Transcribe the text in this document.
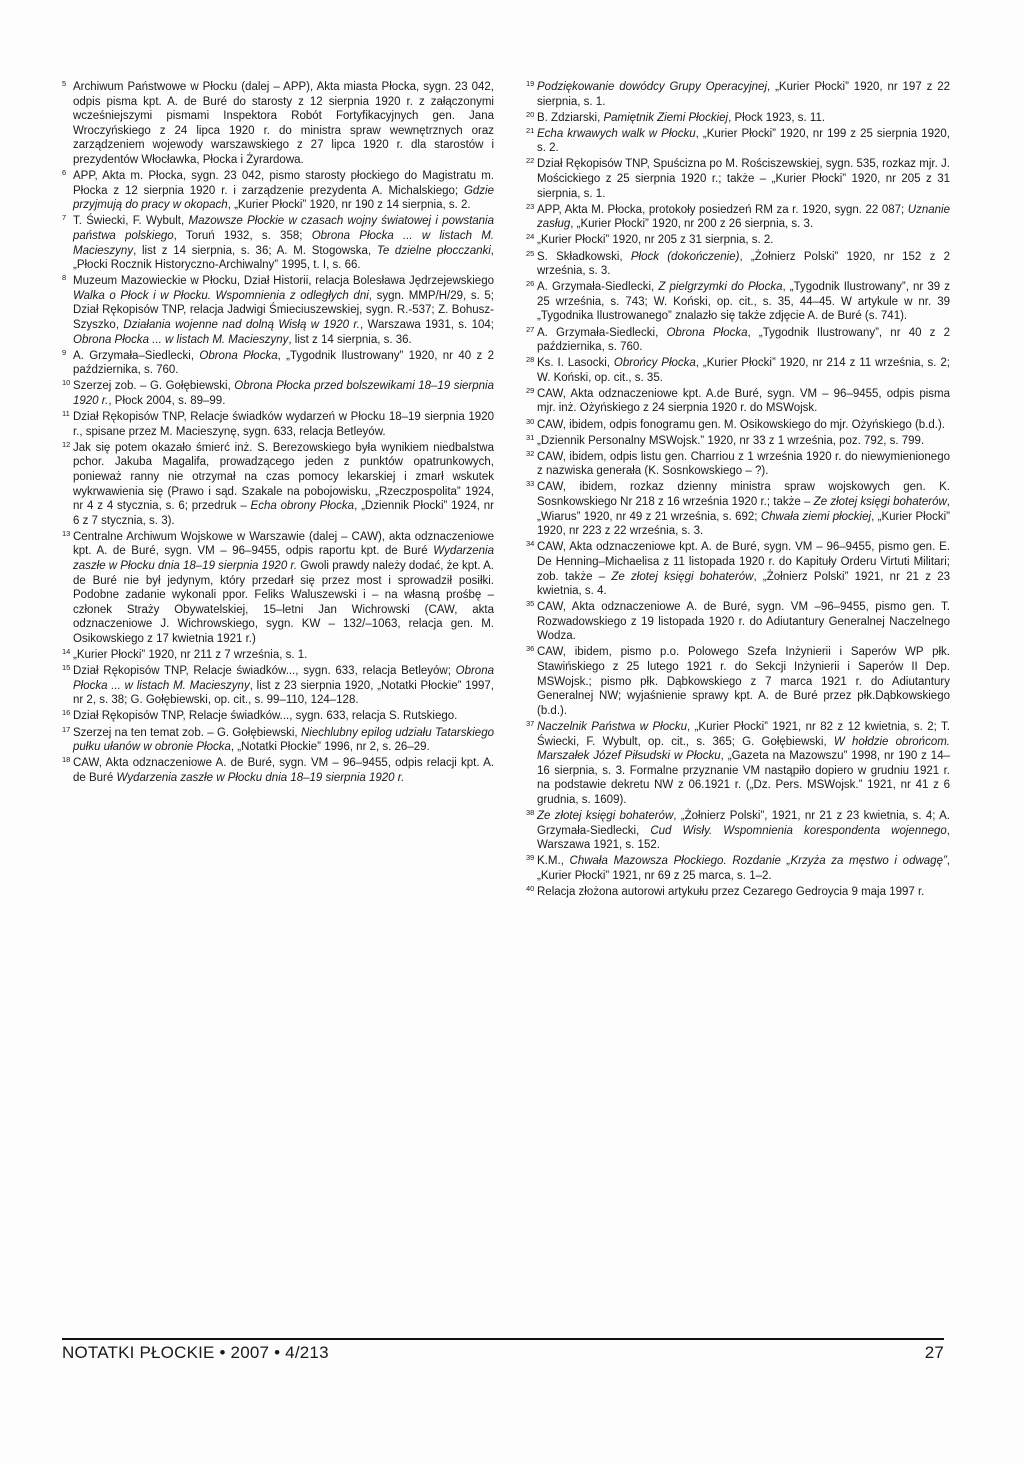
5 Archiwum Państwowe w Płocku (dalej – APP), Akta miasta Płocka, sygn. 23 042, odpis pisma kpt. A. de Buré do starosty z 12 sierpnia 1920 r. z załączonymi wcześniejszymi pismami Inspektora Robót Fortyfikacyjnych gen. Jana Wroczyńskiego z 24 lipca 1920 r. do ministra spraw wewnętrznych oraz zarządzeniem wojewody warszawskiego z 27 lipca 1920 r. dla starostów i prezydentów Włocławka, Płocka i Żyrardowa.

6 APP, Akta m. Płocka, sygn. 23 042, pismo starosty płockiego do Magistratu m. Płocka z 12 sierpnia 1920 r. i zarządzenie prezydenta A. Michalskiego; Gdzie przyjmują do pracy w okopach, „Kurier Płocki” 1920, nr 190 z 14 sierpnia, s. 2.

7 T. Świecki, F. Wybult, Mazowsze Płockie w czasach wojny światowej i powstania państwa polskiego, Toruń 1932, s. 358; Obrona Płocka ... w listach M. Macieszyny, list z 14 sierpnia, s. 36; A. M. Stogowska, Te dzielne płocczanki, „Płocki Rocznik Historyczno-Archiwalny” 1995, t. I, s. 66.

8 Muzeum Mazowieckie w Płocku, Dział Historii, relacja Bolesława Jędrzejewskiego Walka o Płock i w Płocku. Wspomnienia z odległych dni, sygn. MMP/H/29, s. 5; Dział Rękopisów TNP, relacja Jadwigi Śmieciuszewskiej, sygn. R.-537; Z. Bohusz-Szyszko, Działania wojenne nad dolną Wisłą w 1920 r., Warszawa 1931, s. 104; Obrona Płocka ... w listach M. Macieszyny, list z 14 sierpnia, s. 36.

9 A. Grzymała–Siedlecki, Obrona Płocka, „Tygodnik Ilustrowany” 1920, nr 40 z 2 października, s. 760.

10 Szerzej zob. – G. Gołębiewski, Obrona Płocka przed bolszewikami 18–19 sierpnia 1920 r., Płock 2004, s. 89–99.

11 Dział Rękopisów TNP, Relacje świadków wydarzeń w Płocku 18–19 sierpnia 1920 r., spisane przez M. Macieszynę, sygn. 633, relacja Betleyów.

12 Jak się potem okazało śmierć inż. S. Berezowskiego była wynikiem niedbalstwa pchor. Jakuba Magalifa, prowadzącego jeden z punktów opatrunkowych, ponieważ ranny nie otrzymał na czas pomocy lekarskiej i zmarł wskutek wykrwawienia się (Prawo i sąd. Szakale na pobojowisku, „Rzeczpospolita” 1924, nr 4 z 4 stycznia, s. 6; przedruk – Echa obrony Płocka, „Dziennik Płocki” 1924, nr 6 z 7 stycznia, s. 3).

13 Centralne Archiwum Wojskowe w Warszawie (dalej – CAW), akta odznaczeniowe kpt. A. de Buré, sygn. VM – 96–9455, odpis raportu kpt. de Buré Wydarzenia zaszłe w Płocku dnia 18–19 sierpnia 1920 r. Gwoli prawdy należy dodać, że kpt. A. de Buré nie był jedynym, który przedarł się przez most i sprowadził posiłki. Podobne zadanie wykonali ppor. Feliks Waluszewski i – na własną prośbę – członek Straży Obywatelskiej, 15–letni Jan Wichrowski (CAW, akta odznaczeniowe J. Wichrowskiego, sygn. KW – 132/–1063, relacja gen. M. Osikowskiego z 17 kwietnia 1921 r.)

14 „Kurier Płocki” 1920, nr 211 z 7 września, s. 1.

15 Dział Rękopisów TNP, Relacje świadków..., sygn. 633, relacja Betleyów; Obrona Płocka ... w listach M. Macieszyny, list z 23 sierpnia 1920, „Notatki Płockie” 1997, nr 2, s. 38; G. Gołębiewski, op. cit., s. 99–110, 124–128.

16 Dział Rękopisów TNP, Relacje świadków..., sygn. 633, relacja S. Rutskiego.

17 Szerzej na ten temat zob. – G. Gołębiewski, Niechlubny epilog udziału Tatarskiego pułku ułanów w obronie Płocka, „Notatki Płockie” 1996, nr 2, s. 26–29.

18 CAW, Akta odznaczeniowe A. de Buré, sygn. VM – 96–9455, odpis relacji kpt. A. de Buré Wydarzenia zaszłe w Płocku dnia 18–19 sierpnia 1920 r.

19 Podziękowanie dowódcy Grupy Operacyjnej, „Kurier Płocki” 1920, nr 197 z 22 sierpnia, s. 1.

20 B. Zdziarski, Pamiętnik Ziemi Płockiej, Płock 1923, s. 11.

21 Echa krwawych walk w Płocku, „Kurier Płocki” 1920, nr 199 z 25 sierpnia 1920, s. 2.

22 Dział Rękopisów TNP, Spuścizna po M. Rościszewskiej, sygn. 535, rozkaz mjr. J. Mościckiego z 25 sierpnia 1920 r.; także – „Kurier Płocki” 1920, nr 205 z 31 sierpnia, s. 1.

23 APP, Akta M. Płocka, protokoły posiedzeń RM za r. 1920, sygn. 22 087; Uznanie zasług, „Kurier Płocki” 1920, nr 200 z 26 sierpnia, s. 3.

24 „Kurier Płocki” 1920, nr 205 z 31 sierpnia, s. 2.

25 S. Składkowski, Płock (dokończenie), „Żołnierz Polski” 1920, nr 152 z 2 września, s. 3.

26 A. Grzymała-Siedlecki, Z pielgrzymki do Płocka, „Tygodnik Ilustrowany”, nr 39 z 25 września, s. 743; W. Koński, op. cit., s. 35, 44–45. W artykule w nr. 39 „Tygodnika Ilustrowanego” znalazło się także zdjęcie A. de Buré (s. 741).

27 A. Grzymała-Siedlecki, Obrona Płocka, „Tygodnik Ilustrowany”, nr 40 z 2 października, s. 760.

28 Ks. I. Lasocki, Obrońcy Płocka, „Kurier Płocki” 1920, nr 214 z 11 września, s. 2; W. Koński, op. cit., s. 35.

29 CAW, Akta odznaczeniowe kpt. A.de Buré, sygn. VM – 96–9455, odpis pisma mjr. inż. Ożyńskiego z 24 sierpnia 1920 r. do MSWojsk.

30 CAW, ibidem, odpis fonogramu gen. M. Osikowskiego do mjr. Ożyńskiego (b.d.).

31 „Dziennik Personalny MSWojsk.” 1920, nr 33 z 1 września, poz. 792, s. 799.

32 CAW, ibidem, odpis listu gen. Charriou z 1 września 1920 r. do niewymienionego z nazwiska generała (K. Sosnkowskiego – ?).

33 CAW, ibidem, rozkaz dzienny ministra spraw wojskowych gen. K. Sosnkowskiego Nr 218 z 16 września 1920 r.; także – Ze złotej księgi bohaterów, „Wiarus” 1920, nr 49 z 21 września, s. 692; Chwała ziemi płockiej, „Kurier Płocki” 1920, nr 223 z 22 września, s. 3.

34 CAW, Akta odznaczeniowe kpt. A. de Buré, sygn. VM – 96–9455, pismo gen. E. De Henning–Michaelisa z 11 listopada 1920 r. do Kapituły Orderu Virtuti Militari; zob. także – Ze złotej księgi bohaterów, „Żołnierz Polski” 1921, nr 21 z 23 kwietnia, s. 4.

35 CAW, Akta odznaczeniowe A. de Buré, sygn. VM –96–9455, pismo gen. T. Rozwadowskiego z 19 listopada 1920 r. do Adiutantury Generalnej Naczelnego Wodza.

36 CAW, ibidem, pismo p.o. Polowego Szefa Inżynierii i Saperów WP płk. Stawińskiego z 25 lutego 1921 r. do Sekcji Inżynierii i Saperów II Dep. MSWojsk.; pismo płk. Dąbkowskiego z 7 marca 1921 r. do Adiutantury Generalnej NW; wyjaśnienie sprawy kpt. A. de Buré przez płk.Dąbkowskiego (b.d.).

37 Naczelnik Państwa w Płocku, „Kurier Płocki” 1921, nr 82 z 12 kwietnia, s. 2; T. Świecki, F. Wybult, op. cit., s. 365; G. Gołębiewski, W hołdzie obrońcom. Marszałek Józef Piłsudski w Płocku, „Gazeta na Mazowszu” 1998, nr 190 z 14–16 sierpnia, s. 3. Formalne przyznanie VM nastąpiło dopiero w grudniu 1921 r. na podstawie dekretu NW z 06.1921 r. („Dz. Pers. MSWojsk.” 1921, nr 41 z 6 grudnia, s. 1609).

38 Ze złotej księgi bohaterów, „Żołnierz Polski”, 1921, nr 21 z 23 kwietnia, s. 4; A. Grzymała-Siedlecki, Cud Wisły. Wspomnienia korespondenta wojennego, Warszawa 1921, s. 152.

39 K.M., Chwała Mazowsza Płockiego. Rozdanie „Krzyża za męstwo i odwagę”, „Kurier Płocki” 1921, nr 69 z 25 marca, s. 1–2.

40 Relacja złożona autorowi artykułu przez Cezarego Gedroycia 9 maja 1997 r.

NOTATKI PŁOCKIE • 2007 • 4/213	27
